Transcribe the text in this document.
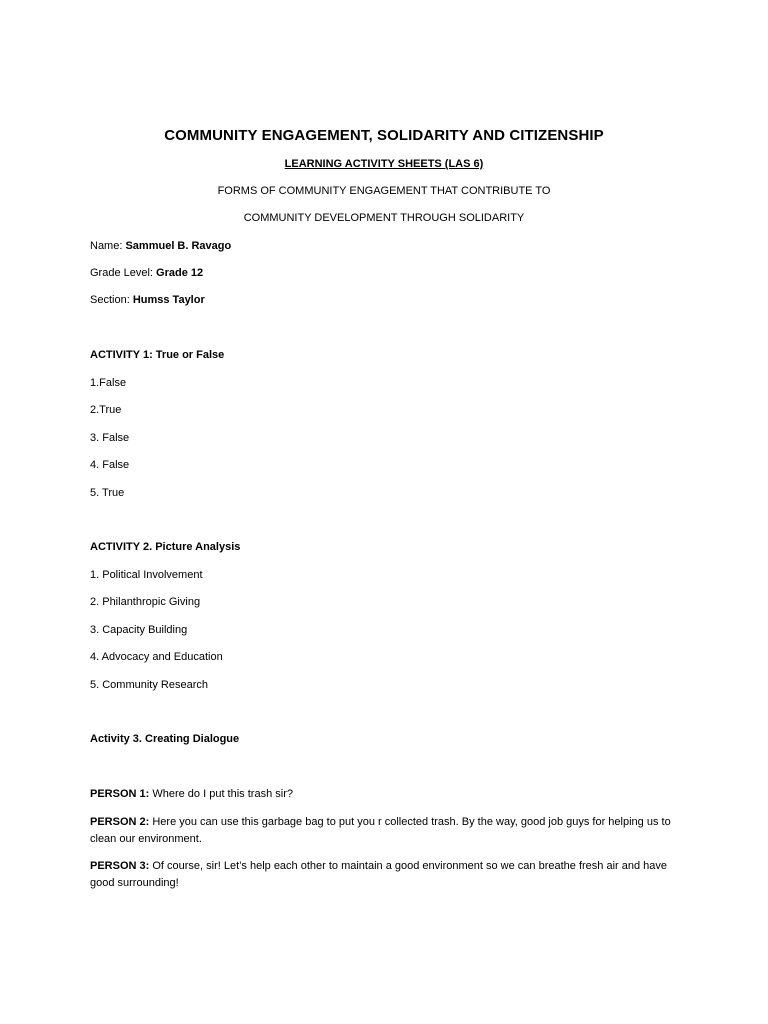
COMMUNITY ENGAGEMENT, SOLIDARITY AND CITIZENSHIP
LEARNING ACTIVITY SHEETS (LAS 6)
FORMS OF COMMUNITY ENGAGEMENT THAT CONTRIBUTE TO
COMMUNITY DEVELOPMENT THROUGH SOLIDARITY
Name: Sammuel B. Ravago
Grade Level: Grade 12
Section: Humss Taylor
ACTIVITY 1: True or False
1.False
2.True
3. False
4. False
5. True
ACTIVITY 2. Picture Analysis
1. Political Involvement
2. Philanthropic Giving
3. Capacity Building
4. Advocacy and Education
5. Community Research
Activity 3. Creating Dialogue
PERSON 1: Where do I put this trash sir?
PERSON 2: Here you can use this garbage bag to put you r collected trash. By the way, good job guys for helping us to clean our environment.
PERSON 3: Of course, sir! Let’s help each other to maintain a good environment so we can breathe fresh air and have good surrounding!
